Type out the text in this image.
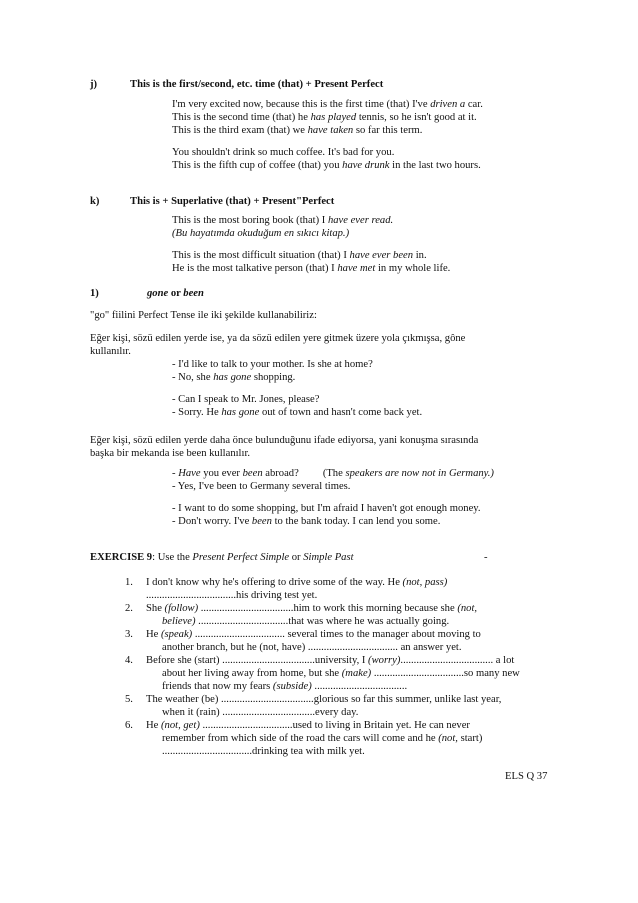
j)	This is the first/second, etc. time (that) + Present Perfect
I'm very excited now, because this is the first time (that) I've driven a car.
This is the second time (that) he has played tennis, so he isn't good at it.
This is the third exam (that) we have taken so far this term.
You shouldn't drink so much coffee. It's bad for you.
This is the fifth cup of coffee (that) you have drunk in the last two hours.
k)	This is + Superlative (that) + Present"Perfect
This is the most boring book (that) I have ever read.
(Bu hayatımda okuduğum en sıkıcı kitap.)
This is the most difficult situation (that) I have ever been in.
He is the most talkative person (that) I have met in my whole life.
1)	gone or been
"go" fiilini Perfect Tense ile iki şekilde kullanabiliriz:
Eğer kişi, sözü edilen yerde ise, ya da sözü edilen yere gitmek üzere yola çıkmışsa, gône
kullanılır.
- I'd like to talk to your mother. Is she at home?
- No, she has gone shopping.
- Can I speak to Mr. Jones, please?
- Sorry. He has gone out of town and hasn't come back yet.
Eğer kişi, sözü edilen yerde daha önce bulunduğunu ifade ediyorsa, yani konuşma sırasında
başka bir mekanda ise been kullanılır.
- Have you ever been abroad? (The speakers are now not in Germany.)
- Yes, I've been to Germany several times.
- I want to do some shopping, but I'm afraid I haven't got enough money.
- Don't worry. I've been to the bank today. I can lend you some.
EXERCISE 9: Use the Present Perfect Simple or Simple Past	-
1. I don't know why he's offering to drive some of the way. He (not, pass)
..................................his driving test yet.
2. She (follow) ...................................him to work this morning because she (not,
believe) ..................................that was where he was actually going.
3. He (speak) .................................. several times to the manager about moving to
another branch, but he (not, have) .................................. an answer yet.
4. Before she (start) ...................................university, I (worry)................................... a lot
about her living away from home, but she (make) ..................................so many new
friends that now my fears (subside) ...................................
5. The weather (be) ...................................glorious so far this summer, unlike last year,
when it (rain) ...................................every day.
6. He (not, get) ..................................used to living in Britain yet. He can never
remember from which side of the road the cars will come and he (not, start)
..................................drinking tea with milk yet.
ELS Q 37
